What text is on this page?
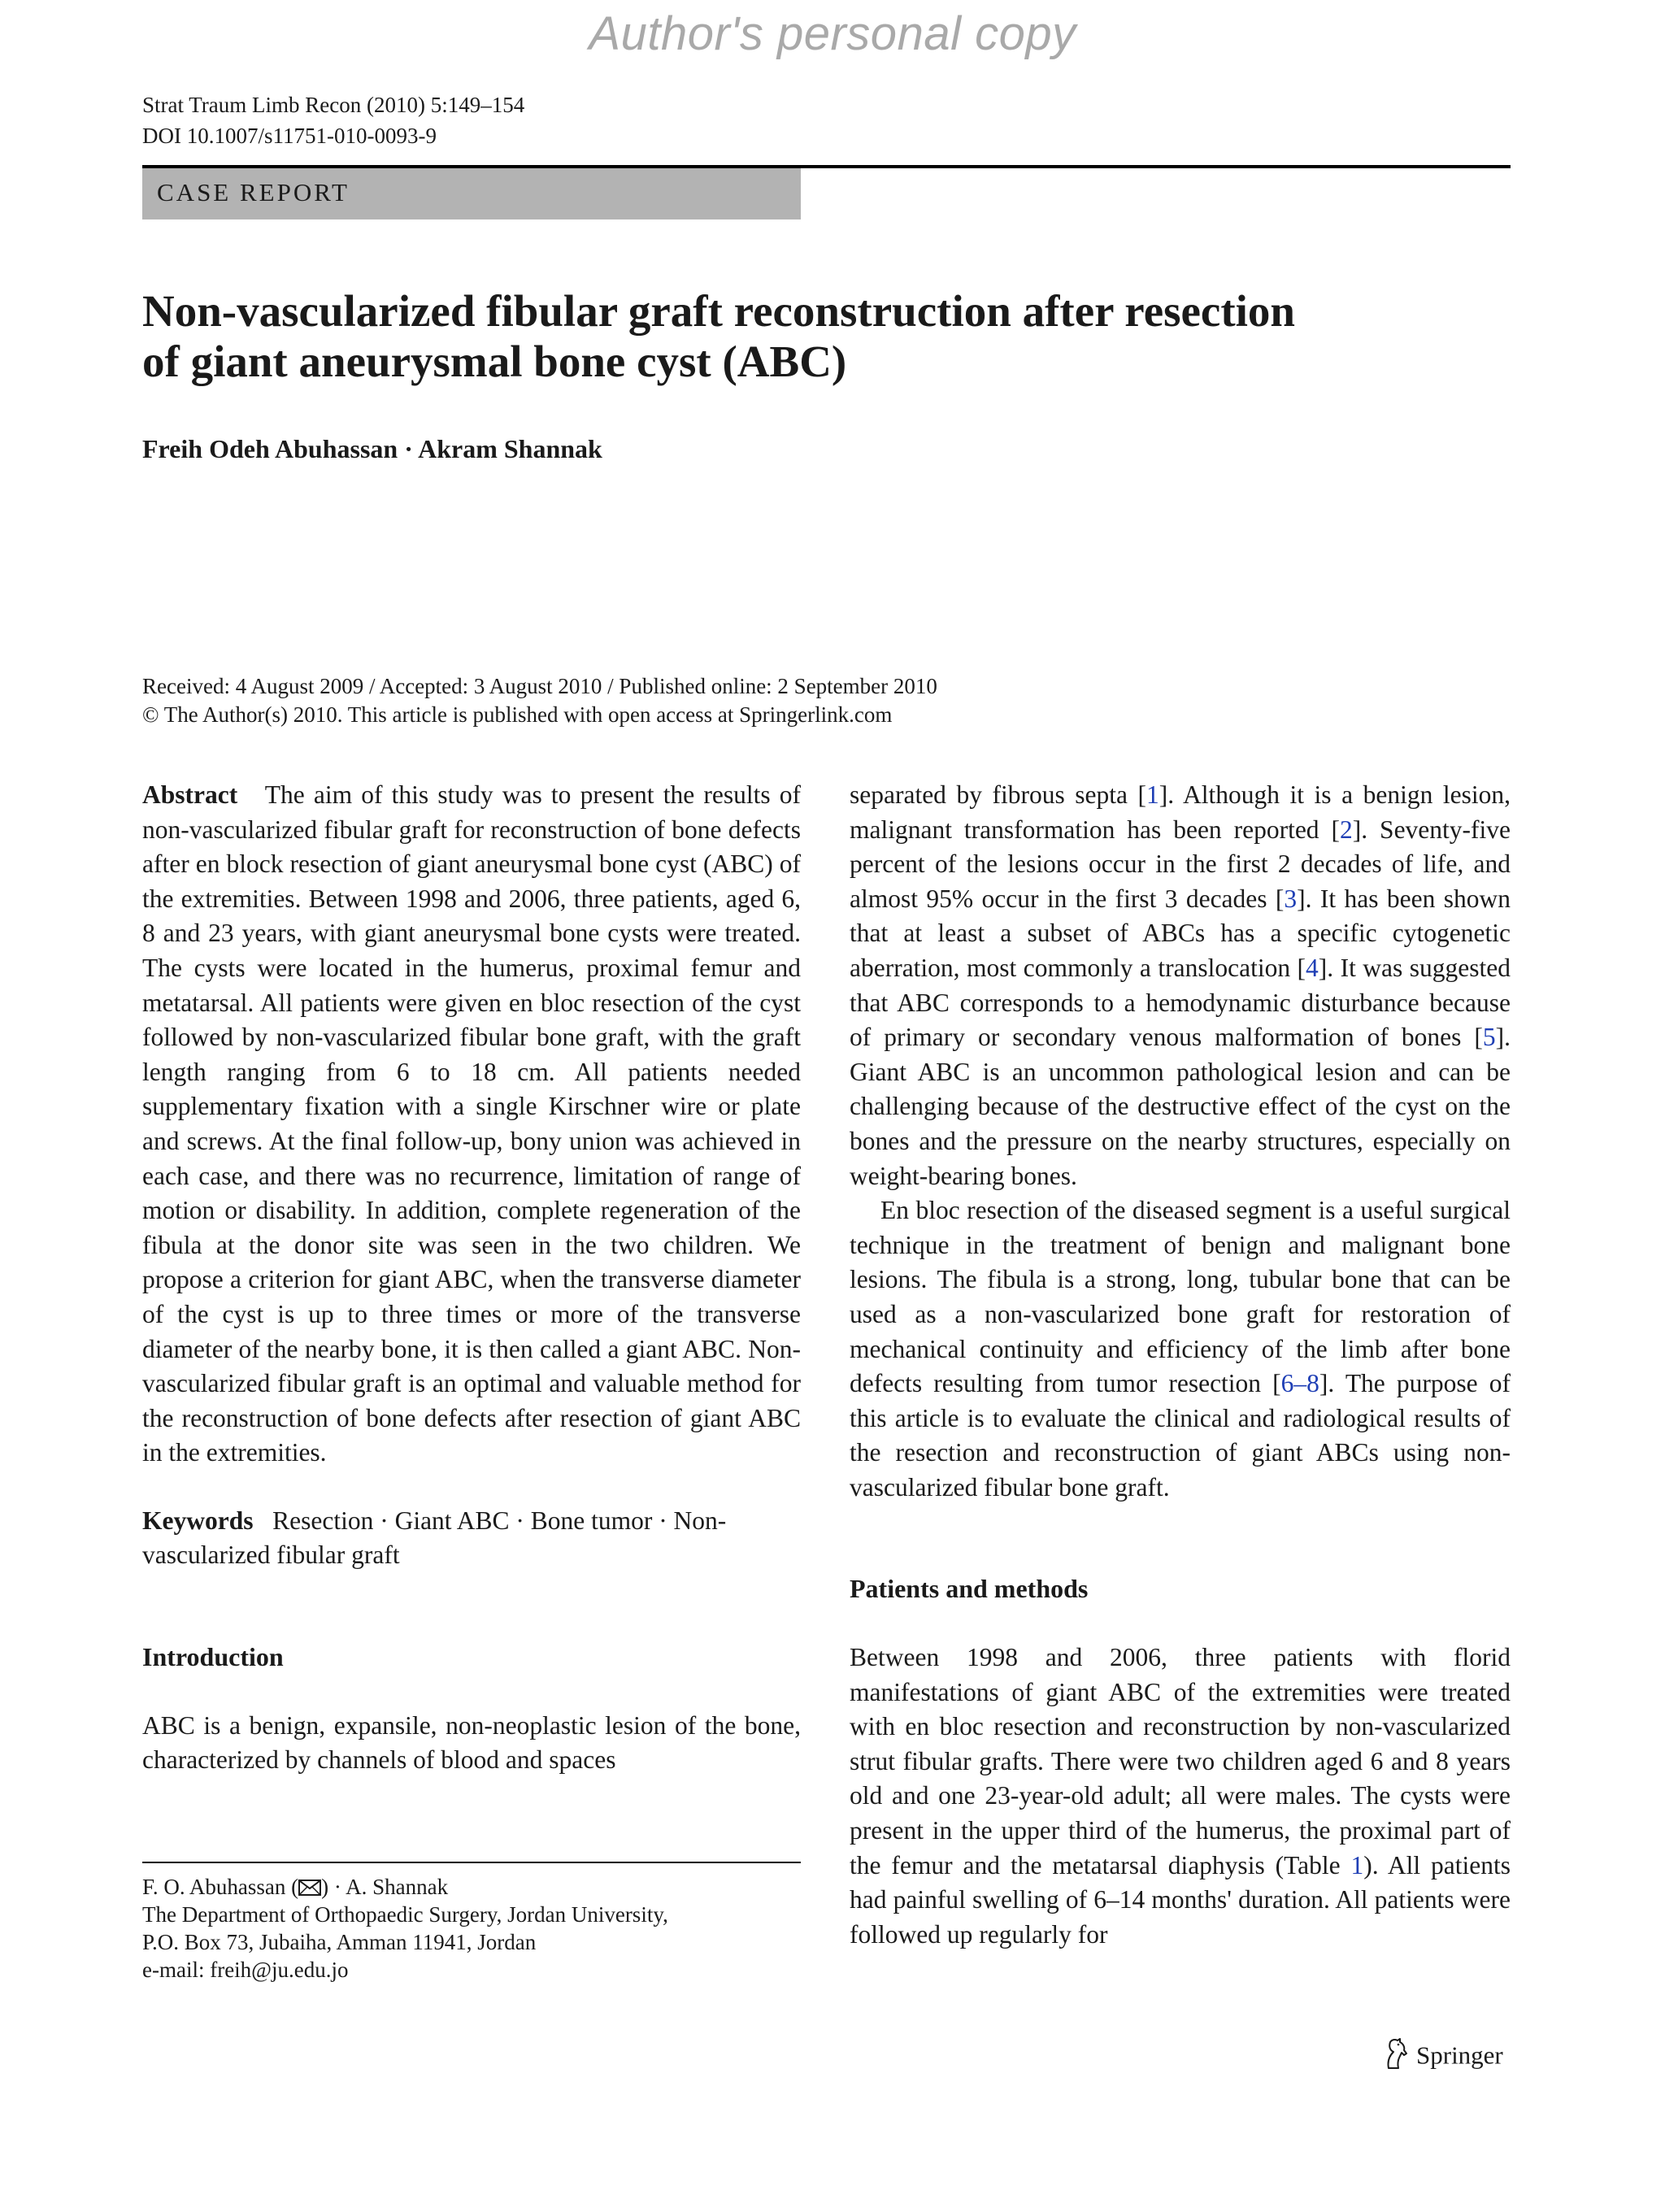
Author's personal copy
Strat Traum Limb Recon (2010) 5:149–154
DOI 10.1007/s11751-010-0093-9
CASE REPORT
Non-vascularized fibular graft reconstruction after resection
of giant aneurysmal bone cyst (ABC)
Freih Odeh Abuhassan · Akram Shannak
Received: 4 August 2009 / Accepted: 3 August 2010 / Published online: 2 September 2010
© The Author(s) 2010. This article is published with open access at Springerlink.com

Abstract The aim of this study was to present the results of non-vascularized fibular graft for reconstruction of bone defects after en block resection of giant aneurysmal bone cyst (ABC) of the extremities. Between 1998 and 2006, three patients, aged 6, 8 and 23 years, with giant aneurysmal bone cysts were treated. The cysts were located in the humerus, proximal femur and metatarsal. All patients were given en bloc resection of the cyst followed by non-vascularized fibular bone graft, with the graft length ranging from 6 to 18 cm. All patients needed supplementary fixation with a single Kirschner wire or plate and screws. At the final follow-up, bony union was achieved in each case, and there was no recurrence, limitation of range of motion or disability. In addition, complete regeneration of the fibula at the donor site was seen in the two children. We propose a criterion for giant ABC, when the transverse diameter of the cyst is up to three times or more of the transverse diameter of the nearby bone, it is then called a giant ABC. Non-vascularized fibular graft is an optimal and valuable method for the reconstruction of bone defects after resection of giant ABC in the extremities.

Keywords Resection · Giant ABC · Bone tumor · Non-vascularized fibular graft

Introduction

ABC is a benign, expansile, non-neoplastic lesion of the bone, characterized by channels of blood and spaces

F. O. Abuhassan ( ) · A. Shannak

The Department of Orthopaedic Surgery, Jordan University,

P.O. Box 73, Jubaiha, Amman 11941, Jordan

e-mail: freih@ju.edu.jo

separated by fibrous septa [1]. Although it is a benign lesion, malignant transformation has been reported [2]. Seventy-five percent of the lesions occur in the first 2 decades of life, and almost 95% occur in the first 3 decades [3]. It has been shown that at least a subset of ABCs has a specific cytogenetic aberration, most commonly a translocation [4]. It was suggested that ABC corresponds to a hemodynamic disturbance because of primary or secondary venous malformation of bones [5]. Giant ABC is an uncommon pathological lesion and can be challenging because of the destructive effect of the cyst on the bones and the pressure on the nearby structures, especially on weight-bearing bones.

En bloc resection of the diseased segment is a useful surgical technique in the treatment of benign and malignant bone lesions. The fibula is a strong, long, tubular bone that can be used as a non-vascularized bone graft for restoration of mechanical continuity and efficiency of the limb after bone defects resulting from tumor resection [6–8]. The purpose of this article is to evaluate the clinical and radiological results of the resection and reconstruction of giant ABCs using non-vascularized fibular bone graft.

Patients and methods

Between 1998 and 2006, three patients with florid manifestations of giant ABC of the extremities were treated with en bloc resection and reconstruction by non-vascularized strut fibular grafts. There were two children aged 6 and 8 years old and one 23-year-old adult; all were males. The cysts were present in the upper third of the humerus, the proximal part of the femur and the metatarsal diaphysis (Table 1). All patients had painful swelling of 6–14 months' duration. All patients were followed up regularly for

Springer
